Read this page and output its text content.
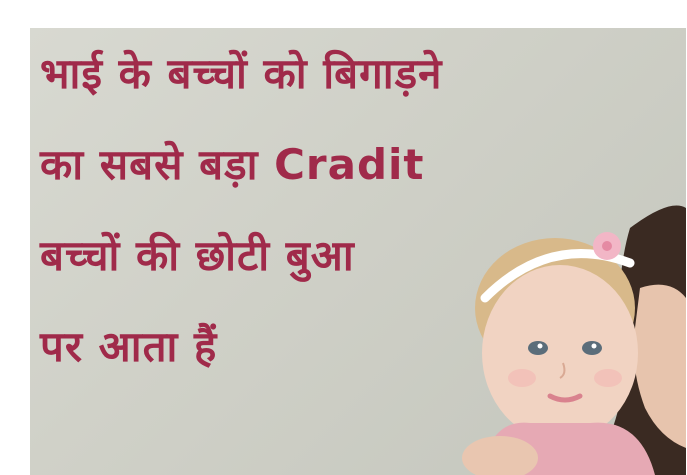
भाई के बच्चों को बिगाड़ने
का सबसे बड़ा Cradit
बच्चों की छोटी बुआ
पर आता हैं
